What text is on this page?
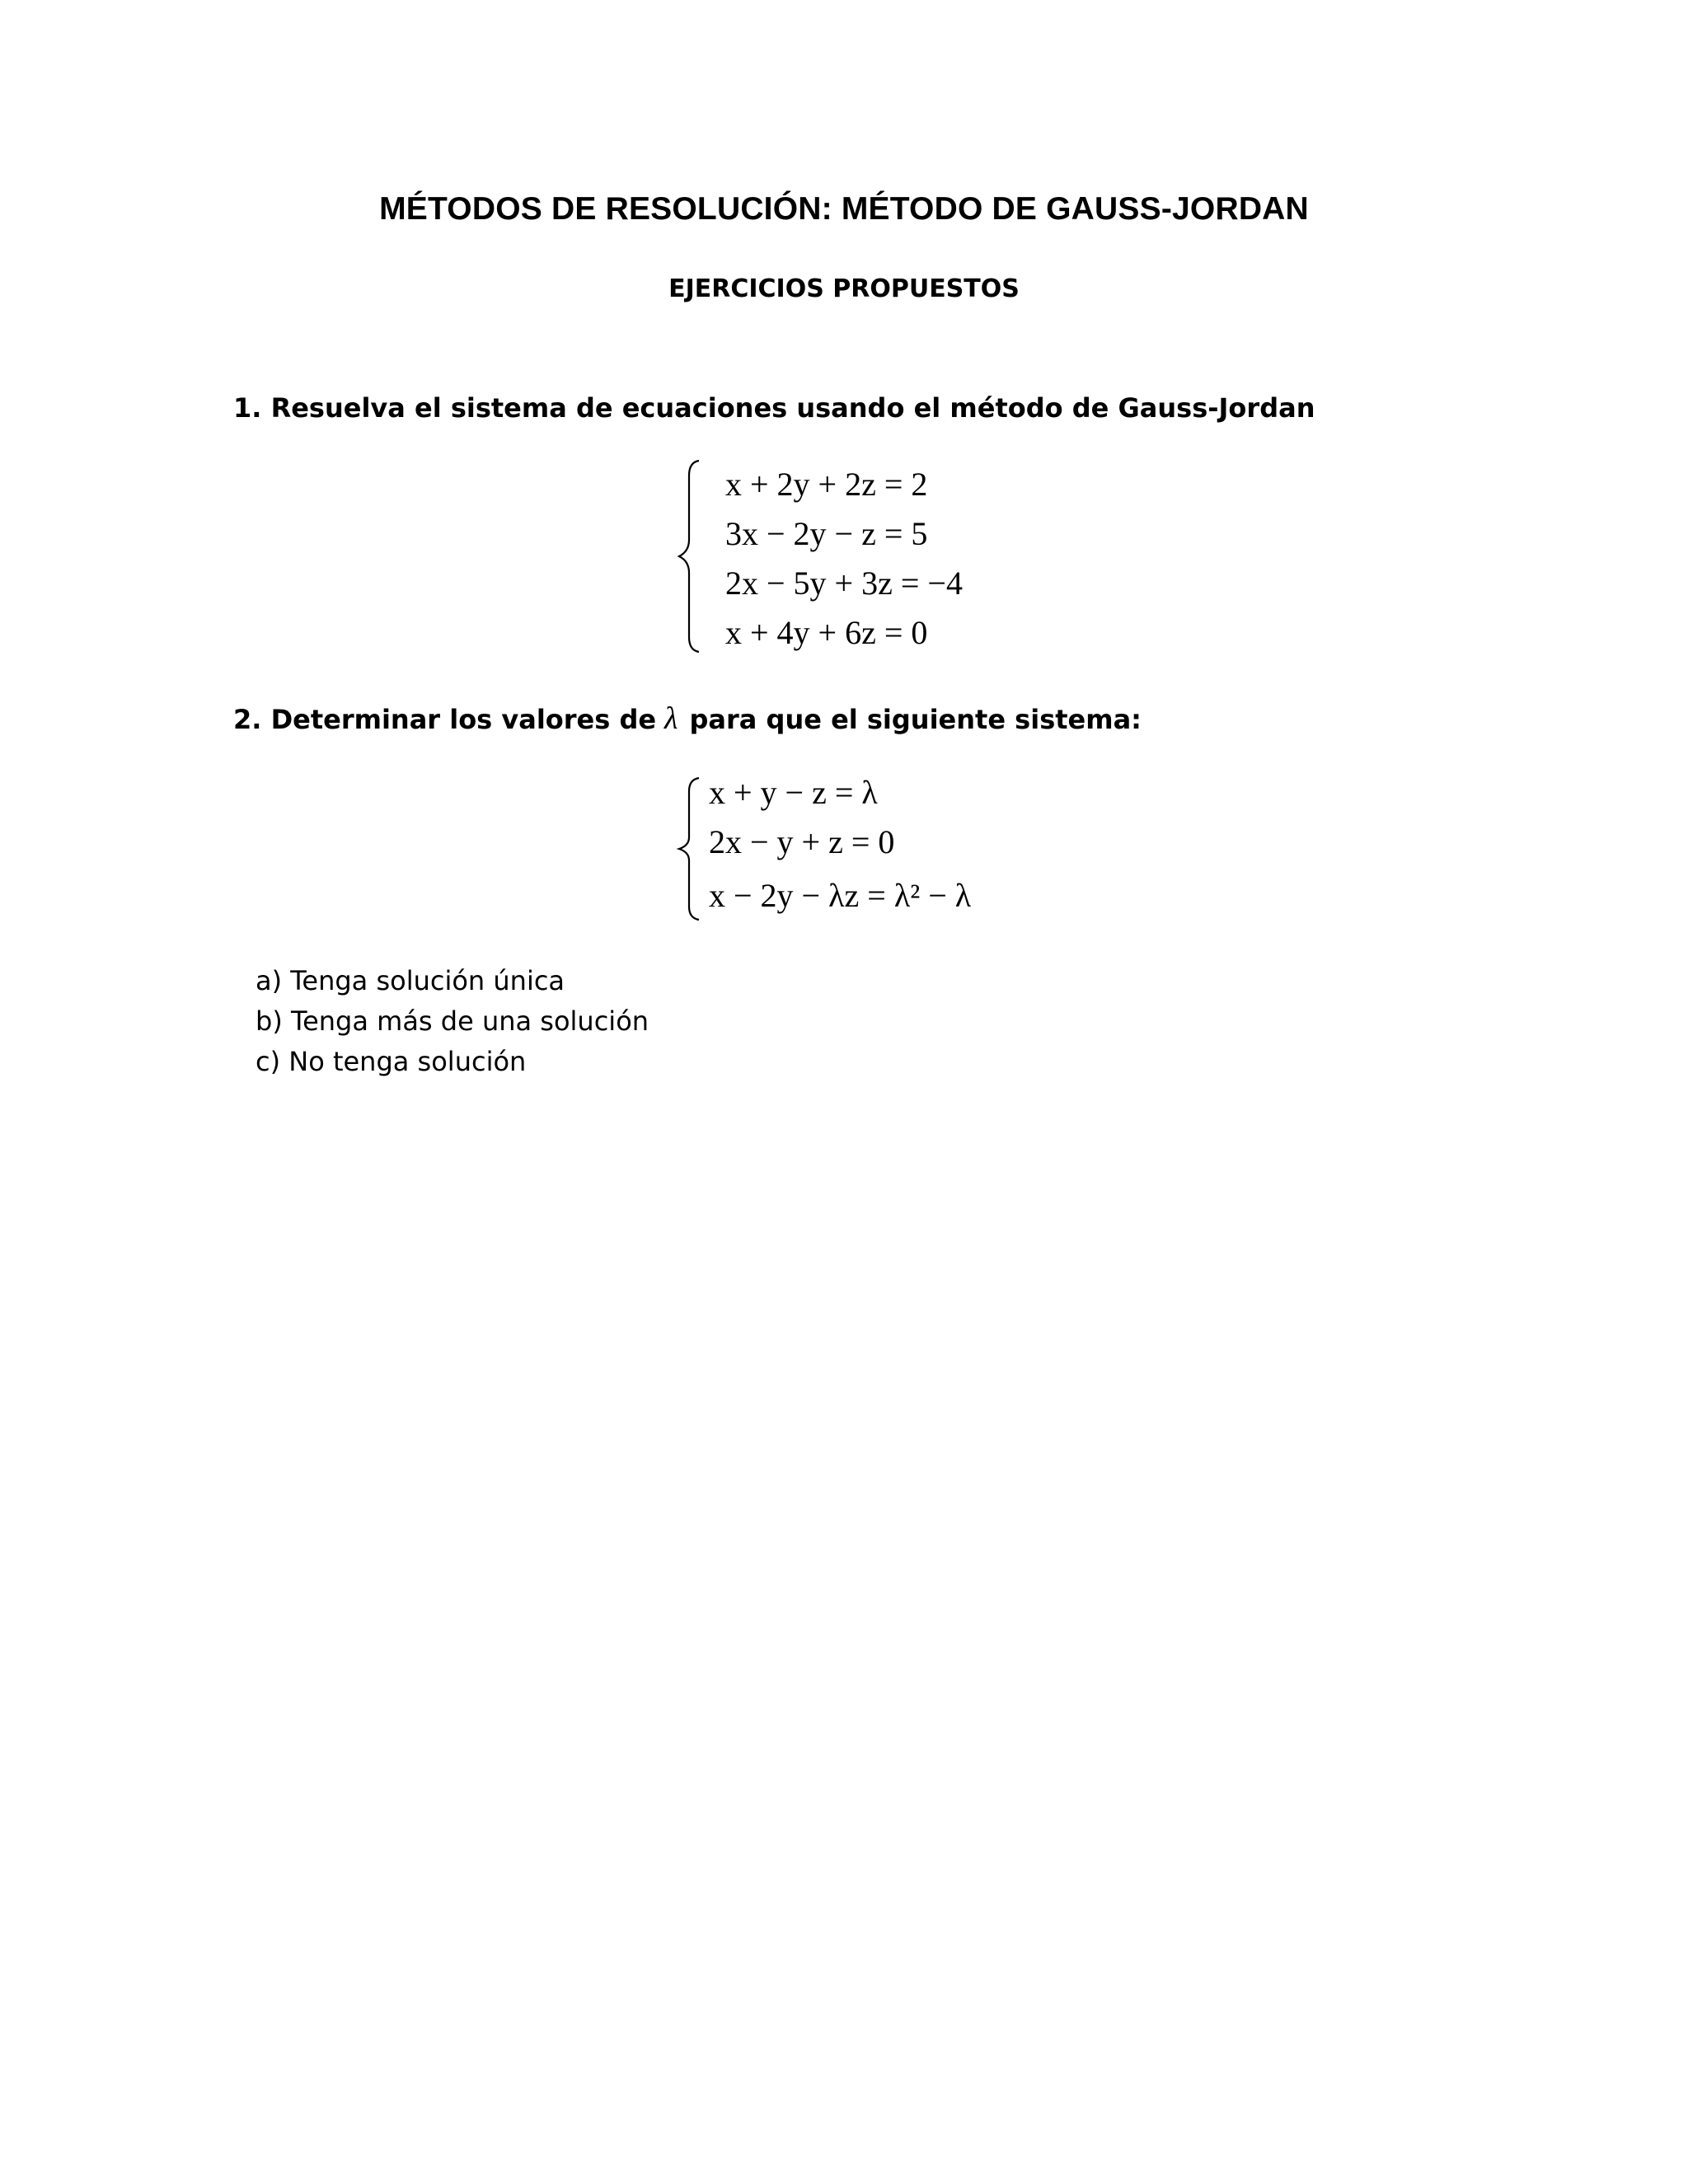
MÉTODOS DE RESOLUCIÓN: MÉTODO DE GAUSS-JORDAN
EJERCICIOS PROPUESTOS

1. Resuelva el sistema de ecuaciones usando el método de Gauss-Jordan

x + 2y + 2z = 2

3x − 2y − z = 5

2x − 5y + 3z = −4

x + 4y + 6z = 0

2. Determinar los valores de λ para que el siguiente sistema:

x + y − z = λ

2x − y + z = 0

x − 2y − λz = λ² − λ

a) Tenga solución única
b) Tenga más de una solución
c) No tenga solución
